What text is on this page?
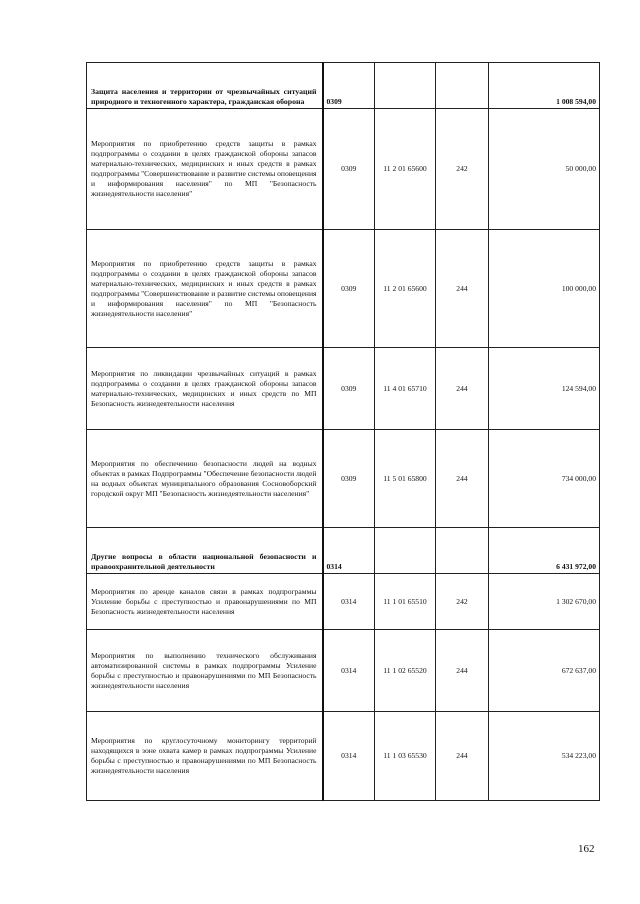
Защита населения и территории от чрезвычайных ситуаций природного и техногенного характера, гражданская оборона	0309			1 008 594,00
Мероприятия по приобретению средств защиты в рамках подпрограммы о создании в целях гражданской обороны запасов материально-технических, медицинских и иных средств в рамках подпрограммы "Совершенствование и развитие системы оповещения и информирования населения" по МП "Безопасность жизнедеятельности населения"	0309	11 2 01 65600	242	50 000,00
Мероприятия по приобретению средств защиты в рамках подпрограммы о создании в целях гражданской обороны запасов материально-технических, медицинских и иных средств в рамках подпрограммы "Совершенствование и развитие системы оповещения и информирования населения" по МП "Безопасность жизнедеятельности населения"	0309	11 2 01 65600	244	100 000,00
Мероприятия по ликвидации чрезвычайных ситуаций в рамках подпрограммы о создании в целях гражданской обороны запасов материально-технических, медицинских и иных средств по МП Безопасность жизнедеятельности населения	0309	11 4 01 65710	244	124 594,00
Мероприятия по обеспечению безопасности людей на водных объектах в рамках Подпрограммы "Обеспечение безопасности людей на водных объектах муниципального образования Сосновоборский городской округ МП "Безопасность жизнедеятельности населения"	0309	11 5 01 65800	244	734 000,00
Другие вопросы в области национальной безопасности и правоохранительной деятельности	0314			6 431 972,00
Мероприятия по аренде каналов связи в рамках подпрограммы Усиление борьбы с преступностью и правонарушениями по МП Безопасность жизнедеятельности населения	0314	11 1 01 65510	242	1 302 670,00
Мероприятия по выполнению технического обслуживания автоматизированной системы в рамках подпрограммы Усиление борьбы с преступностью и правонарушениями по МП Безопасность жизнедеятельности населения	0314	11 1 02 65520	244	672 637,00
Мероприятия по круглосуточному мониторингу территорий находящихся в зоне охвата камер в рамках подпрограммы Усиление борьбы с преступностью и правонарушениями по МП Безопасность жизнедеятельности населения	0314	11 1 03 65530	244	534 223,00
162
